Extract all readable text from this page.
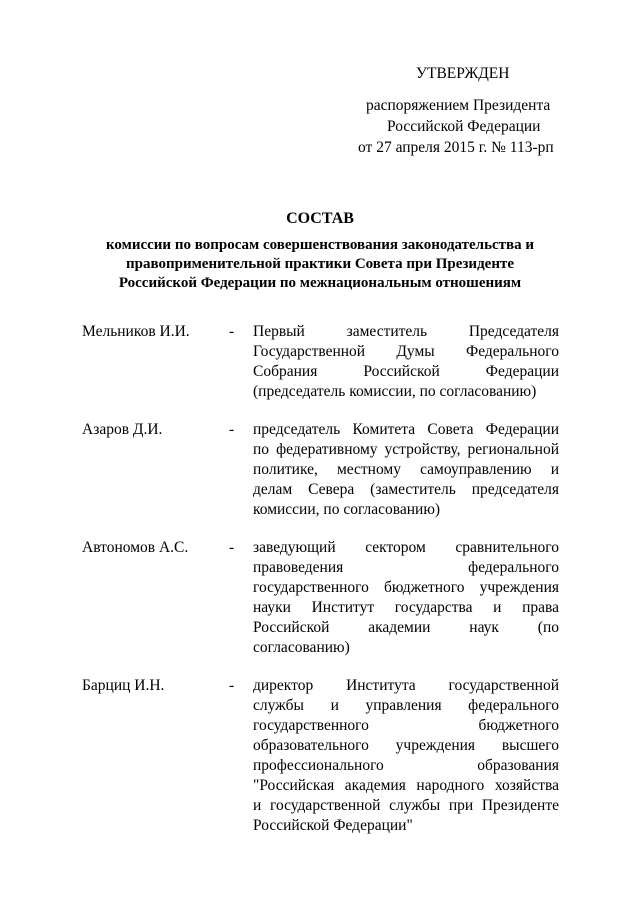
УТВЕРЖДЕН
распоряжением Президента
Российской Федерации
от 27 апреля 2015 г. № 113-рп
СОСТАВ
комиссии по вопросам совершенствования законодательства и
правоприменительной практики Совета при Президенте
Российской Федерации по межнациональным отношениям
Мельников И.И.	-	Первый заместитель Председателя
Государственной Думы Федерального
Собрания Российской Федерации
(председатель комиссии, по согласованию)
Азаров Д.И.	-	председатель Комитета Совета Федерации
по федеративному устройству, региональной
политике, местному самоуправлению и
делам Севера (заместитель председателя
комиссии, по согласованию)
Автономов А.С.	-	заведующий сектором сравнительного
правоведения федерального
государственного бюджетного учреждения
науки Институт государства и права
Российской академии наук (по
согласованию)
Барциц И.Н.	-	директор Института государственной
службы и управления федерального
государственного бюджетного
образовательного учреждения высшего
профессионального образования
"Российская академия народного хозяйства
и государственной службы при Президенте
Российской Федерации"
